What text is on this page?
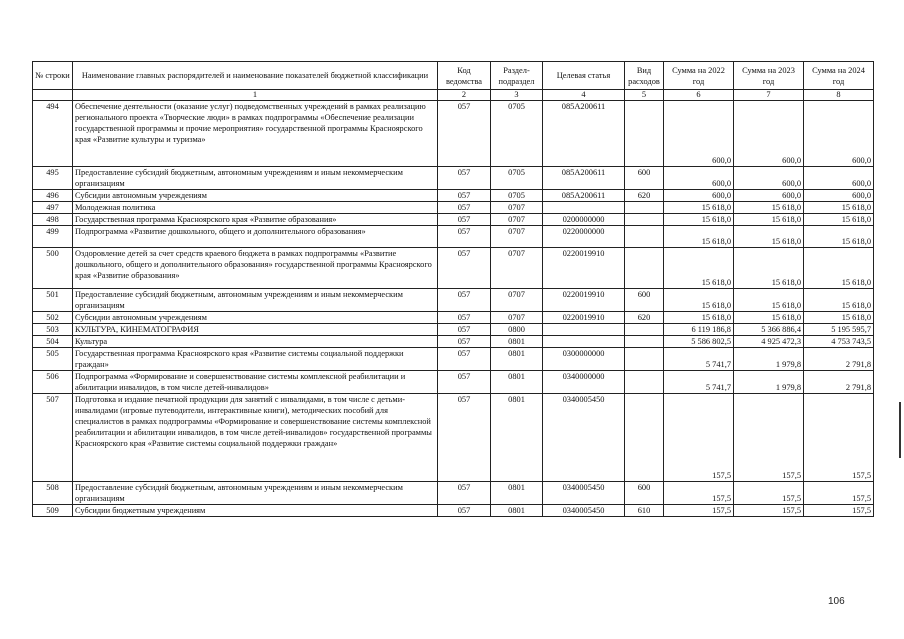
№ строки	Наименование главных распорядителей и наименование показателей бюджетной классификации	Код ведомства	Раздел- подраздел	Целевая статья	Вид расходов	Сумма на 2022 год	Сумма на 2023 год	Сумма на 2024 год
	1	2	3	4	5	6	7	8
494	Обеспечение деятельности (оказание услуг) подведомственных учреждений в рамках реализацию регионального проекта «Творческие люди» в рамках подпрограммы «Обеспечение реализации государственной программы и прочие мероприятия» государственной программы Красноярского края «Развитие культуры и туризма»	057	0705	085A200611		600,0	600,0	600,0
495	Предоставление субсидий бюджетным, автономным учреждениям и иным некоммерческим организациям	057	0705	085A200611	600	600,0	600,0	600,0
496	Субсидии автономным учреждениям	057	0705	085A200611	620	600,0	600,0	600,0
497	Молодежная политика	057	0707			15 618,0	15 618,0	15 618,0
498	Государственная программа Красноярского края «Развитие образования»	057	0707	0200000000		15 618,0	15 618,0	15 618,0
499	Подпрограмма «Развитие дошкольного, общего и дополнительного образования»	057	0707	0220000000		15 618,0	15 618,0	15 618,0
500	Оздоровление детей за счет средств краевого бюджета в рамках подпрограммы «Развитие дошкольного, общего и дополнительного образования» государственной программы Красноярского края «Развитие образования»	057	0707	0220019910		15 618,0	15 618,0	15 618,0
501	Предоставление субсидий бюджетным, автономным учреждениям и иным некоммерческим организациям	057	0707	0220019910	600	15 618,0	15 618,0	15 618,0
502	Субсидии автономным учреждениям	057	0707	0220019910	620	15 618,0	15 618,0	15 618,0
503	КУЛЬТУРА, КИНЕМАТОГРАФИЯ	057	0800			6 119 186,8	5 366 886,4	5 195 595,7
504	Культура	057	0801			5 586 802,5	4 925 472,3	4 753 743,5
505	Государственная программа Красноярского края «Развитие системы социальной поддержки граждан»	057	0801	0300000000		5 741,7	1 979,8	2 791,8
506	Подпрограмма «Формирование и совершенствование системы комплексной реабилитации и абилитации инвалидов, в том числе детей-инвалидов»	057	0801	0340000000		5 741,7	1 979,8	2 791,8
507	Подготовка и издание печатной продукции для занятий с инвалидами, в том числе с детьми-инвалидами (игровые путеводители, интерактивные книги), методических пособий для специалистов в рамках подпрограммы «Формирование и совершенствование системы комплексной реабилитации и абилитации инвалидов, в том числе детей-инвалидов» государственной программы Красноярского края «Развитие системы социальной поддержки граждан»	057	0801	0340005450		157,5	157,5	157,5
508	Предоставление субсидий бюджетным, автономным учреждениям и иным некоммерческим организациям	057	0801	0340005450	600	157,5	157,5	157,5
509	Субсидии бюджетным учреждениям	057	0801	0340005450	610	157,5	157,5	157,5
106
